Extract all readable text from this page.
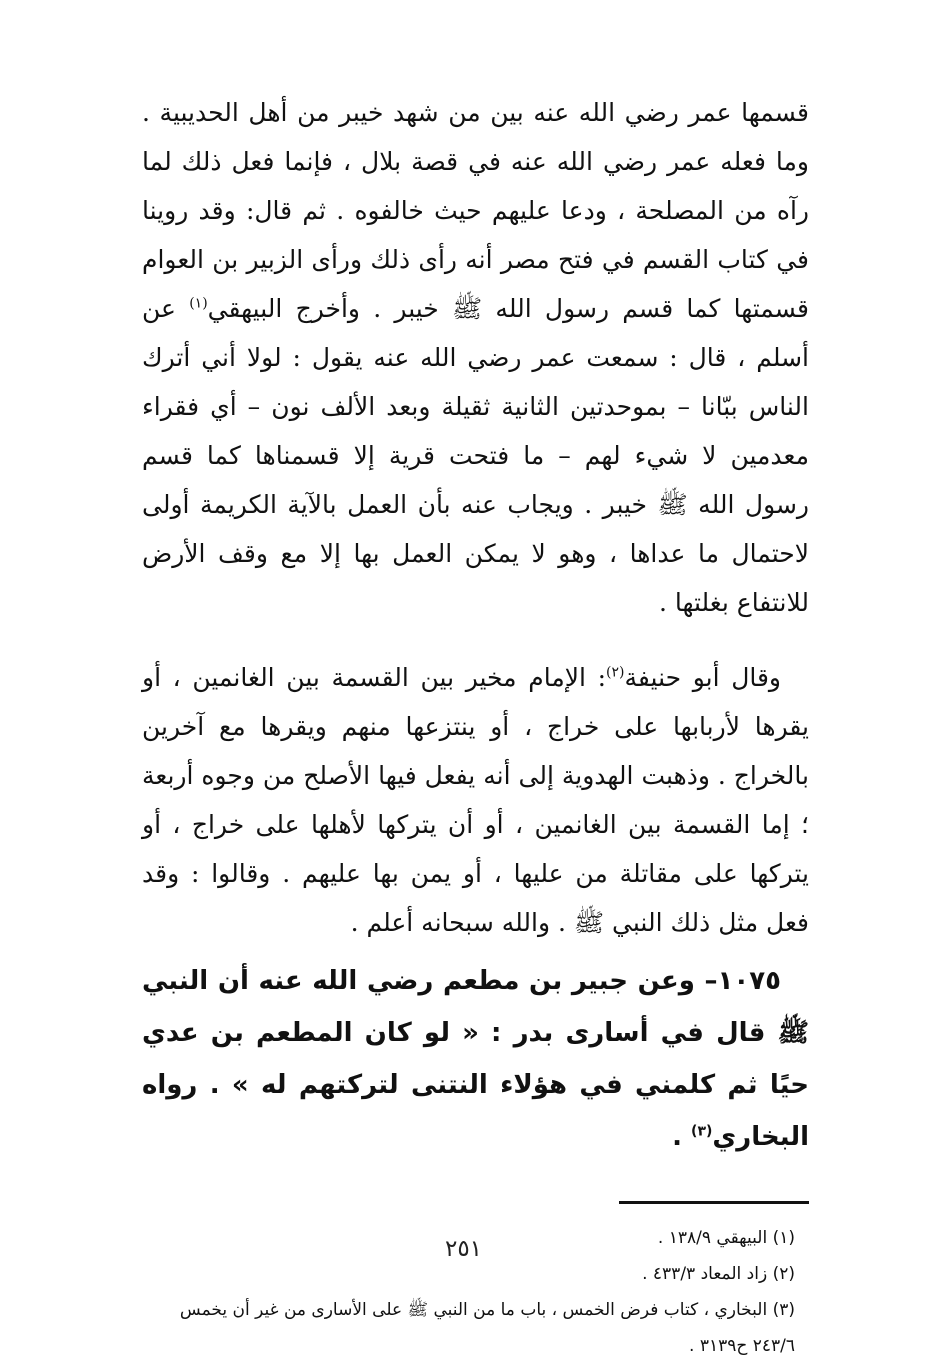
قسمها عمر رضي الله عنه بين من شهد خيبر من أهل الحديبية . وما فعله عمر رضي الله عنه في قصة بلال ، فإنما فعل ذلك لما رآه من المصلحة ، ودعا عليهم حيث خالفوه . ثم قال: وقد روينا في كتاب القسم في فتح مصر أنه رأى ذلك ورأى الزبير بن العوام قسمتها كما قسم رسول الله ﷺ خيبر . وأخرج البيهقي$^{(١)}$ عن أسلم ، قال : سمعت عمر رضي الله عنه يقول : لولا أني أترك الناس ببّانا – بموحدتين الثانية ثقيلة وبعد الألف نون – أي فقراء معدمين لا شيء لهم – ما فتحت قرية إلا قسمناها كما قسم رسول الله ﷺ خيبر . ويجاب عنه بأن العمل بالآية الكريمة أولى لاحتمال ما عداها ، وهو لا يمكن العمل بها إلا مع وقف الأرض للانتفاع بغلتها .

وقال أبو حنيفة$^{(٢)}$: الإمام مخير بين القسمة بين الغانمين ، أو يقرها لأربابها على خراج ، أو ينتزعها منهم ويقرها مع آخرين بالخراج . وذهبت الهدوية إلى أنه يفعل فيها الأصلح من وجوه أربعة ؛ إما القسمة بين الغانمين ، أو أن يتركها لأهلها على خراج ، أو يتركها على مقاتلة من عليها ، أو يمن بها عليهم . وقالوا : وقد فعل مثل ذلك النبي ﷺ . والله سبحانه أعلم .

١٠٧٥– وعن جبير بن مطعم رضي الله عنه أن النبي ﷺ قال في أسارى بدر : « لو كان المطعم بن عدي حيًا ثم كلمني في هؤلاء النتنى لتركتهم له » . رواه البخاري$^{(٣)}$ .

(١) البيهقي ١٣٨/٩ .

(٢) زاد المعاد ٤٣٣/٣ .

(٣) البخاري ، كتاب فرض الخمس ، باب ما من النبي ﷺ على الأسارى من غير أن يخمس ٢٤٣/٦ ح٣١٣٩ .

٢٥١
